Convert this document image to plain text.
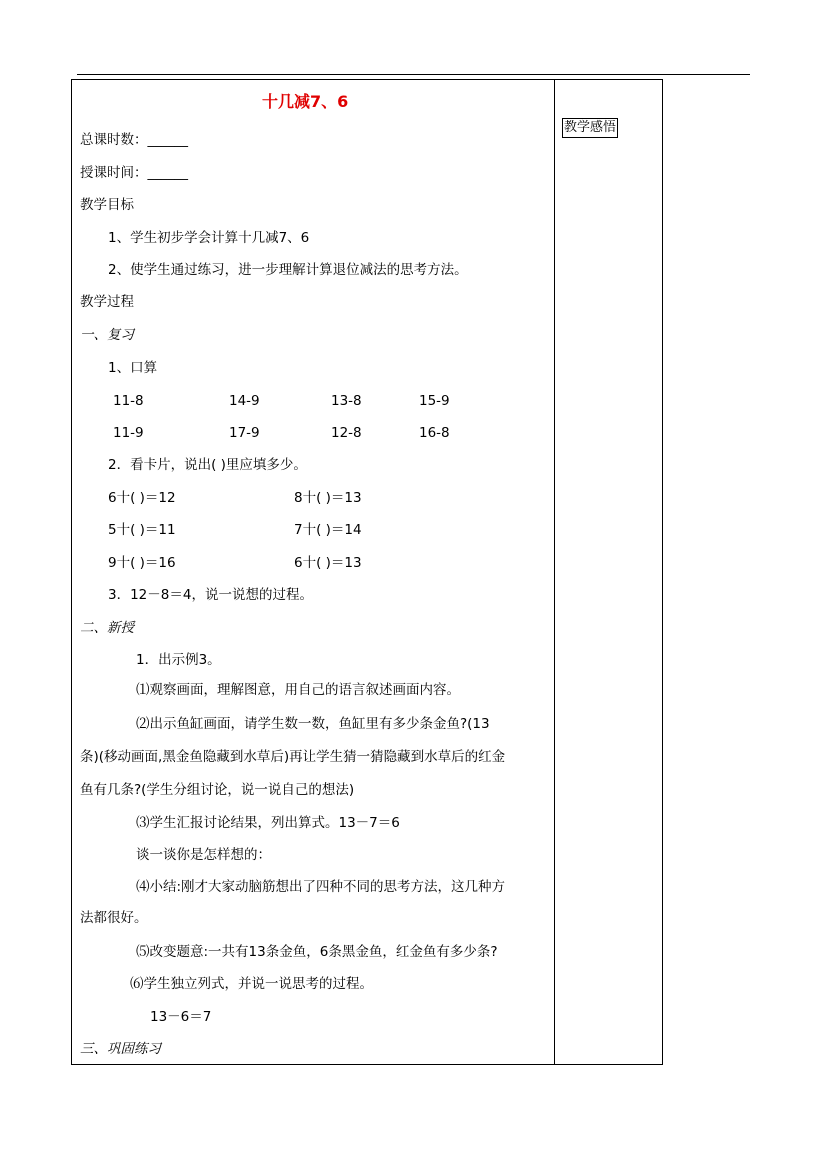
教学感悟
十几减7、6
总课时数：______
授课时间：______
教学目标
1、学生初步学会计算十几减7、6
2、使学生通过练习，进一步理解计算退位减法的思考方法。
教学过程
一、复习
1、口算
11-8	14-9	13-8	15-9
11-9	17-9	12-8	16-8
2．看卡片，说出( )里应填多少。
6十( )＝12	8十( )＝13
5十( )＝11	7十( )＝14
9十( )＝16	6十( )＝13
3．12－8＝4，说一说想的过程。
二、新授
1．出示例3。
⑴观察画面，理解图意，用自己的语言叙述画面内容。
⑵出示鱼缸画面，请学生数一数，鱼缸里有多少条金鱼?(13
条)(移动画面,黑金鱼隐藏到水草后)再让学生猜一猜隐藏到水草后的红金
鱼有几条?(学生分组讨论，说一说自己的想法)
⑶学生汇报讨论结果，列出算式。13－7＝6
谈一谈你是怎样想的：
⑷小结:刚才大家动脑筋想出了四种不同的思考方法，这几种方
法都很好。
⑸改变题意:一共有13条金鱼，6条黑金鱼，红金鱼有多少条?
⑹学生独立列式，并说一说思考的过程。
13－6＝7
三、巩固练习
